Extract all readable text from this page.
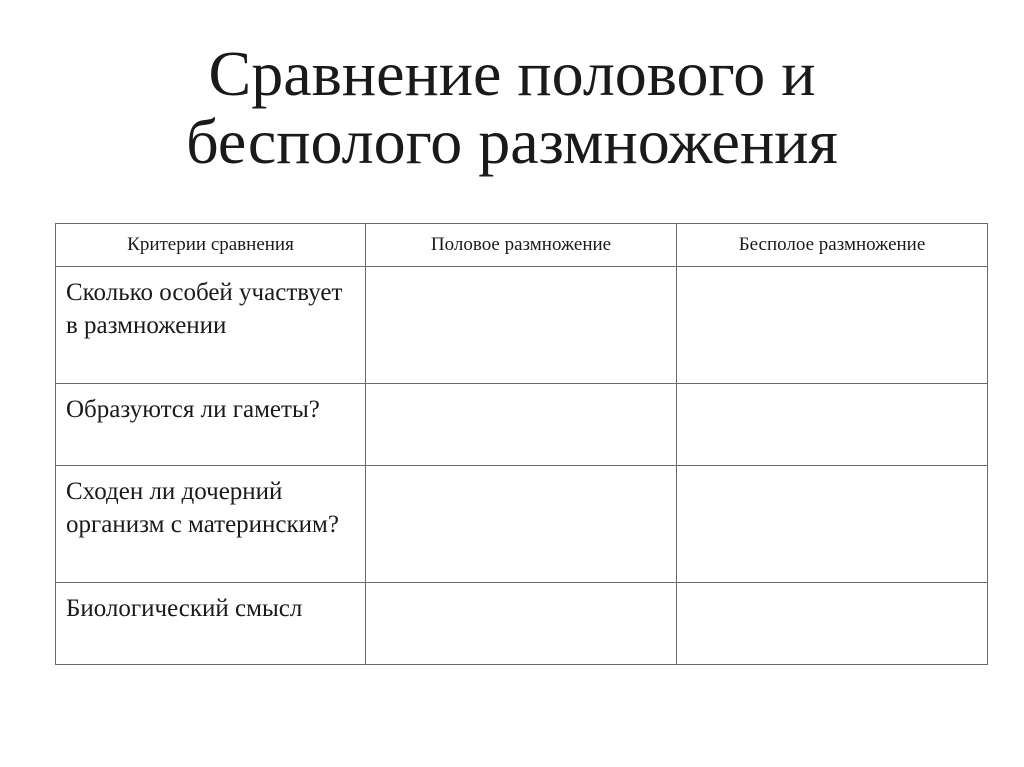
Сравнение полового и
бесполого размножения
Критерии сравнения	Половое размножение	Бесполое размножение
Сколько особей участвует в размножении		
Образуются ли гаметы?		
Сходен ли дочерний организм с материнским?		
Биологический смысл		
